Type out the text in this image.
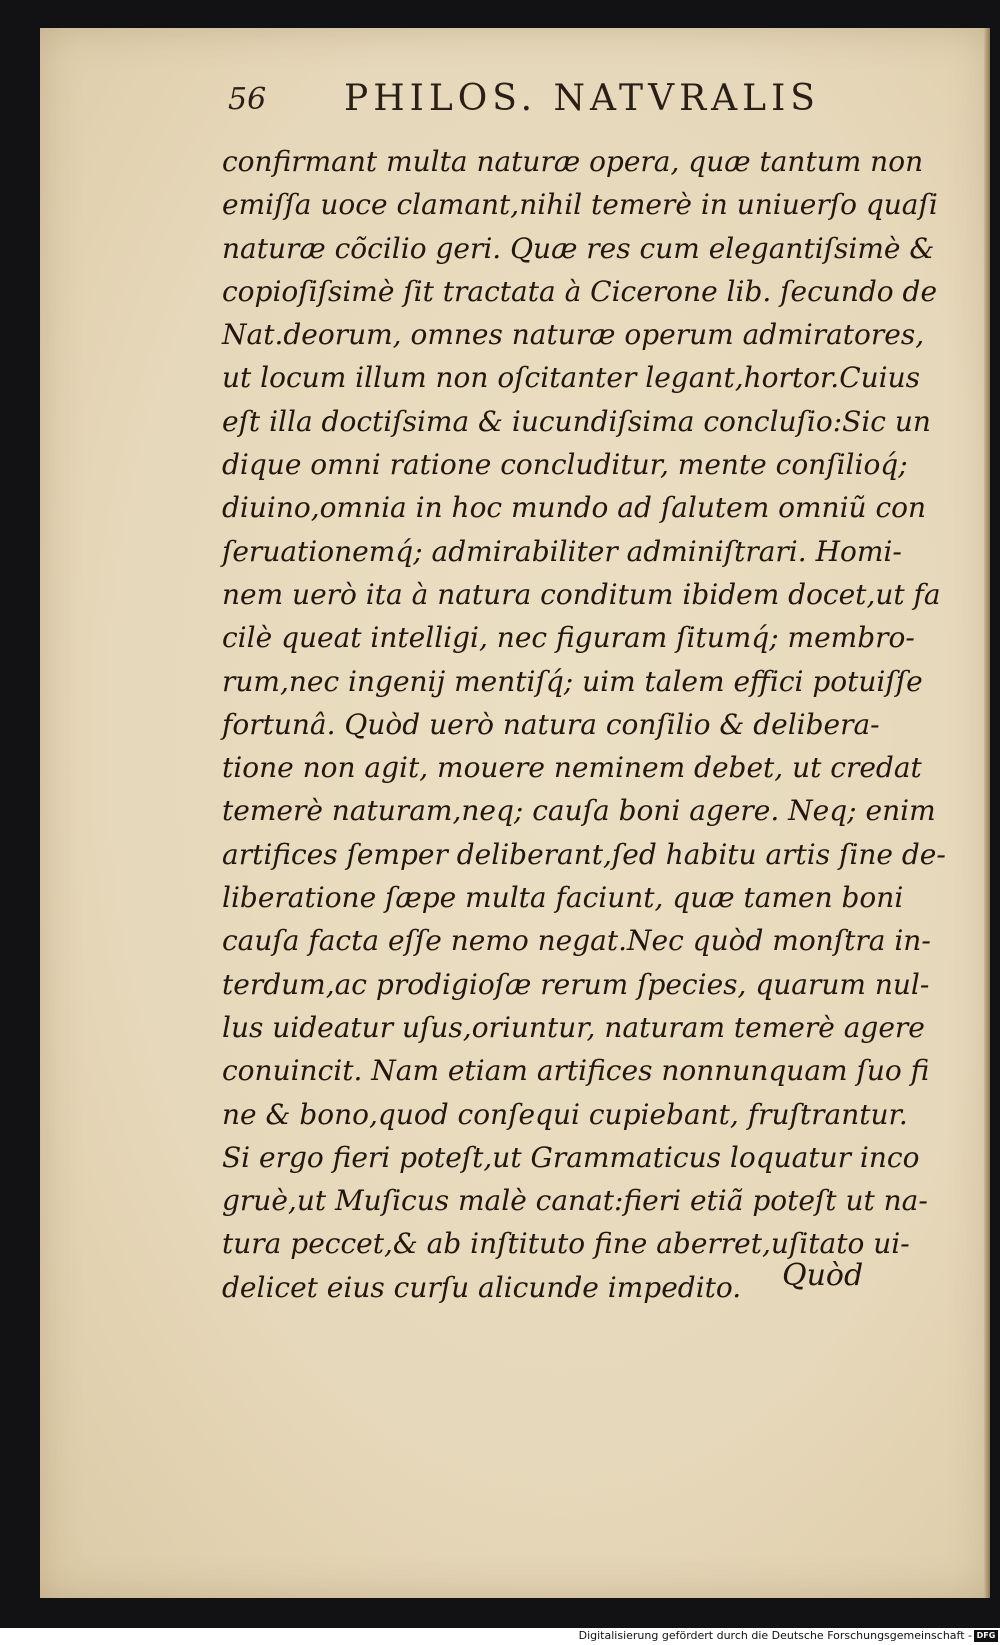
56 PHILOS. NATVRALIS
confirmant multa naturæ opera, quæ tantum non
emiſſa uoce clamant,nihil temerè in uniuerſo quaſi
naturæ cõcilio geri. Quæ res cum elegantiſsimè &
copioſiſsimè ſit tractata à Cicerone lib. ſecundo de
Nat.deorum, omnes naturæ operum admiratores,
ut locum illum non oſcitanter legant,hortor.Cuius
eſt illa doctiſsima & iucundiſsima concluſio:Sic un
dique omni ratione concluditur, mente conſilioq́;
diuino,omnia in hoc mundo ad ſalutem omniũ con
ſeruationemq́; admirabiliter adminiſtrari. Homi-
nem uerò ita à natura conditum ibidem docet,ut fa
cilè queat intelligi, nec figuram ſitumq́; membro-
rum,nec ingenij mentiſq́; uim talem effici potuiſſe
fortunâ. Quòd uerò natura conſilio & delibera-
tione non agit, mouere neminem debet, ut credat
temerè naturam,neq; cauſa boni agere. Neq; enim
artifices ſemper deliberant,ſed habitu artis ſine de-
liberatione ſæpe multa faciunt, quæ tamen boni
cauſa facta eſſe nemo negat.Nec quòd monſtra in-
terdum,ac prodigioſæ rerum ſpecies, quarum nul-
lus uideatur uſus,oriuntur, naturam temerè agere
conuincit. Nam etiam artifices nonnunquam ſuo fi
ne & bono,quod conſequi cupiebant, fruſtrantur.
Si ergo fieri poteſt,ut Grammaticus loquatur inco
gruè,ut Muſicus malè canat:fieri etiã poteſt ut na-
tura peccet,& ab inſtituto fine aberret,uſitato ui-
delicet eius curſu alicunde impedito.	Quòd
Digitalisierung gefördert durch die Deutsche Forschungsgemeinschaft - DFG
